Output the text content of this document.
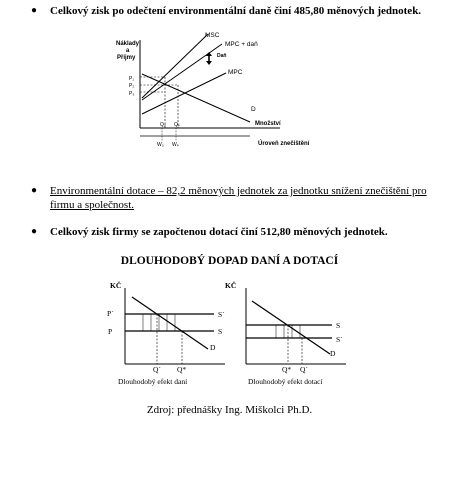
● Celkový zisk po odečtení environmentální daně činí 485,80 měnových jednotek.
Náklady
a
Příjmy
P₁
P₂
P₃
MSC
MPC + daň
Daň
MPC
D
Množství
Q₀ Qₚ
W₀ Wₚ	Úroveň znečištění
● Environmentální dotace – 82,2 měnových jednotek za jednotku snížení znečištění pro firmu a společnost.
● Celkový zisk firmy se započtenou dotací činí 512,80 měnových jednotek.
DLOUHODOBÝ DOPAD DANÍ A DOTACÍ
KČ
P´
P
S´
S
D
Q´ Q*
Dlouhodobý efekt daní
KČ
S
S´
D
Q* Q´
Dlouhodobý efekt dotací
Zdroj: přednášky Ing. Miškolci Ph.D.
